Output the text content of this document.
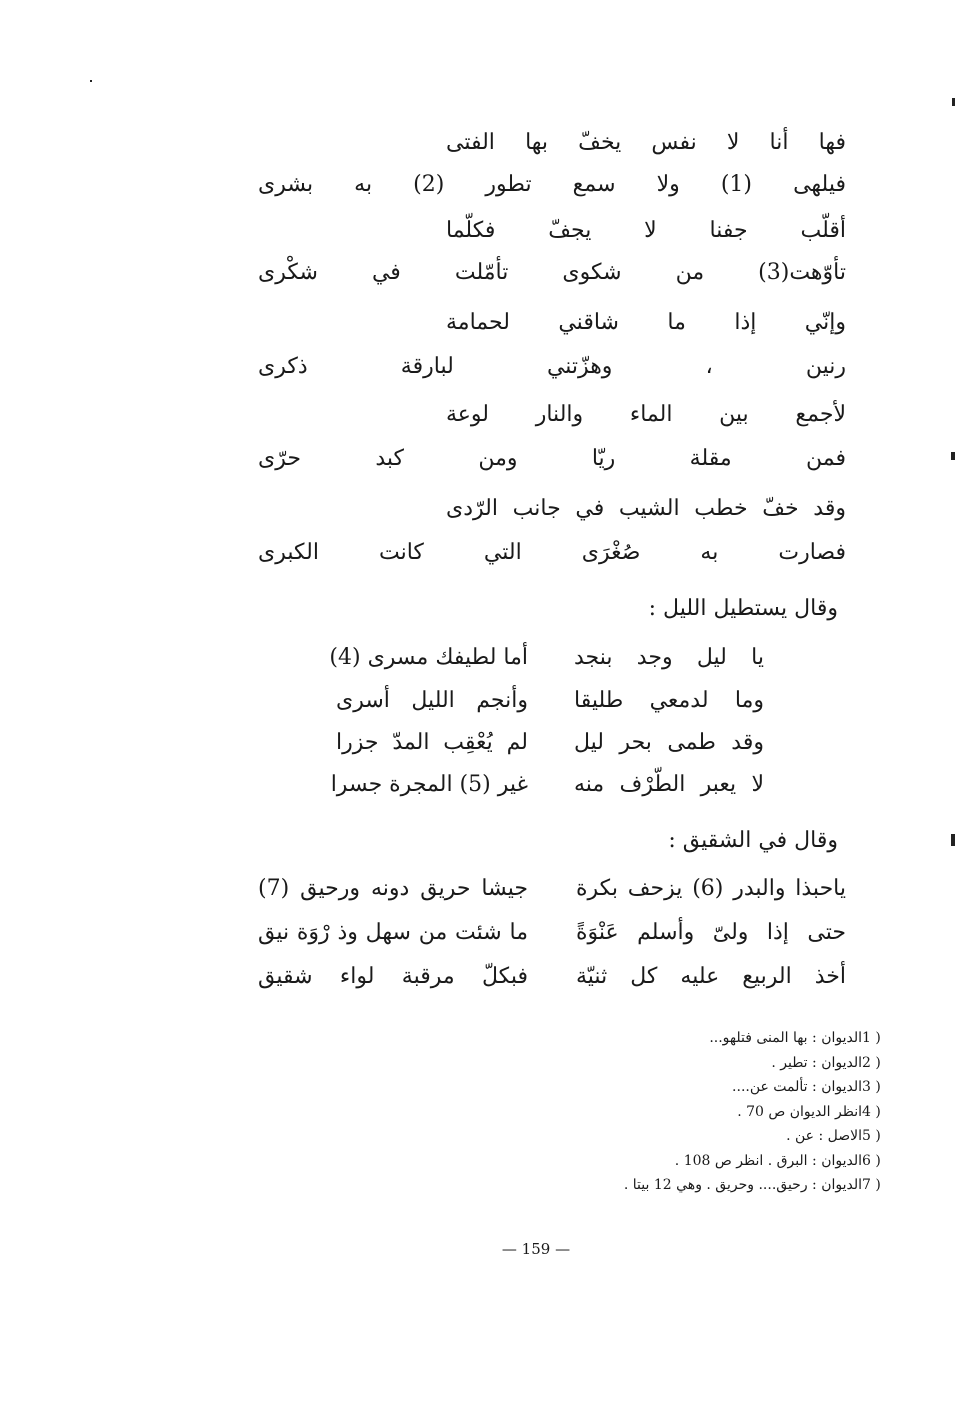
فها أنا لا نفس يخفّ بها الفتى
فيلهى (1) ولا سمع تطور (2) به بشرى
أقلّب جفنا لا يجفّ فكلّما
تأوّهت(3) من شكوى تأمّلت في شكْرى
وإنّي إذا ما شاقني لحمامة
رنين ، وهزّتني لبارقة ذكرى
لأجمع بين الماء والنار لوعة
فمن مقلة ريّا ومن كبد حرّى
وقد خفّ خطب الشيب في جانب الرّدى
فصارت به صُغْرَى التي كانت الكبرى
وقال يستطيل الليل :
يا ليل وجد بنجد
أما لطيفك مسرى (4)
وما لدمعي طليقا
وأنجم الليل أسرى
وقد طمى بحر ليل
لم يُعْقِب المدّ جزرا
لا يعبر الطّرْف منه
غير (5) المجرة جسرا
وقال في الشقيق :
ياحبذا والبدر (6) يزحف بكرة
جيشا حريق دونه ورحيق (7)
حتى إذا ولىّ وأسلم عَنْوَةً
ما شئت من سهل وذ رْوَة نيق
أخذ الربيع عليه كل ثنيّة
فبكلّ مرقبة لواء شقيق
1 )الديوان : بها المنى فتلهو...
2 )الديوان : تطير .
3 )الديوان : تألمت عن....
4 )انظر الديوان ص 70 .
5 )الاصل : عن .
6 )الديوان : البرق . انظر ص 108 .
7 )الديوان : رحيق.... وحريق . وهي 12 بيتا .
— 159 —
